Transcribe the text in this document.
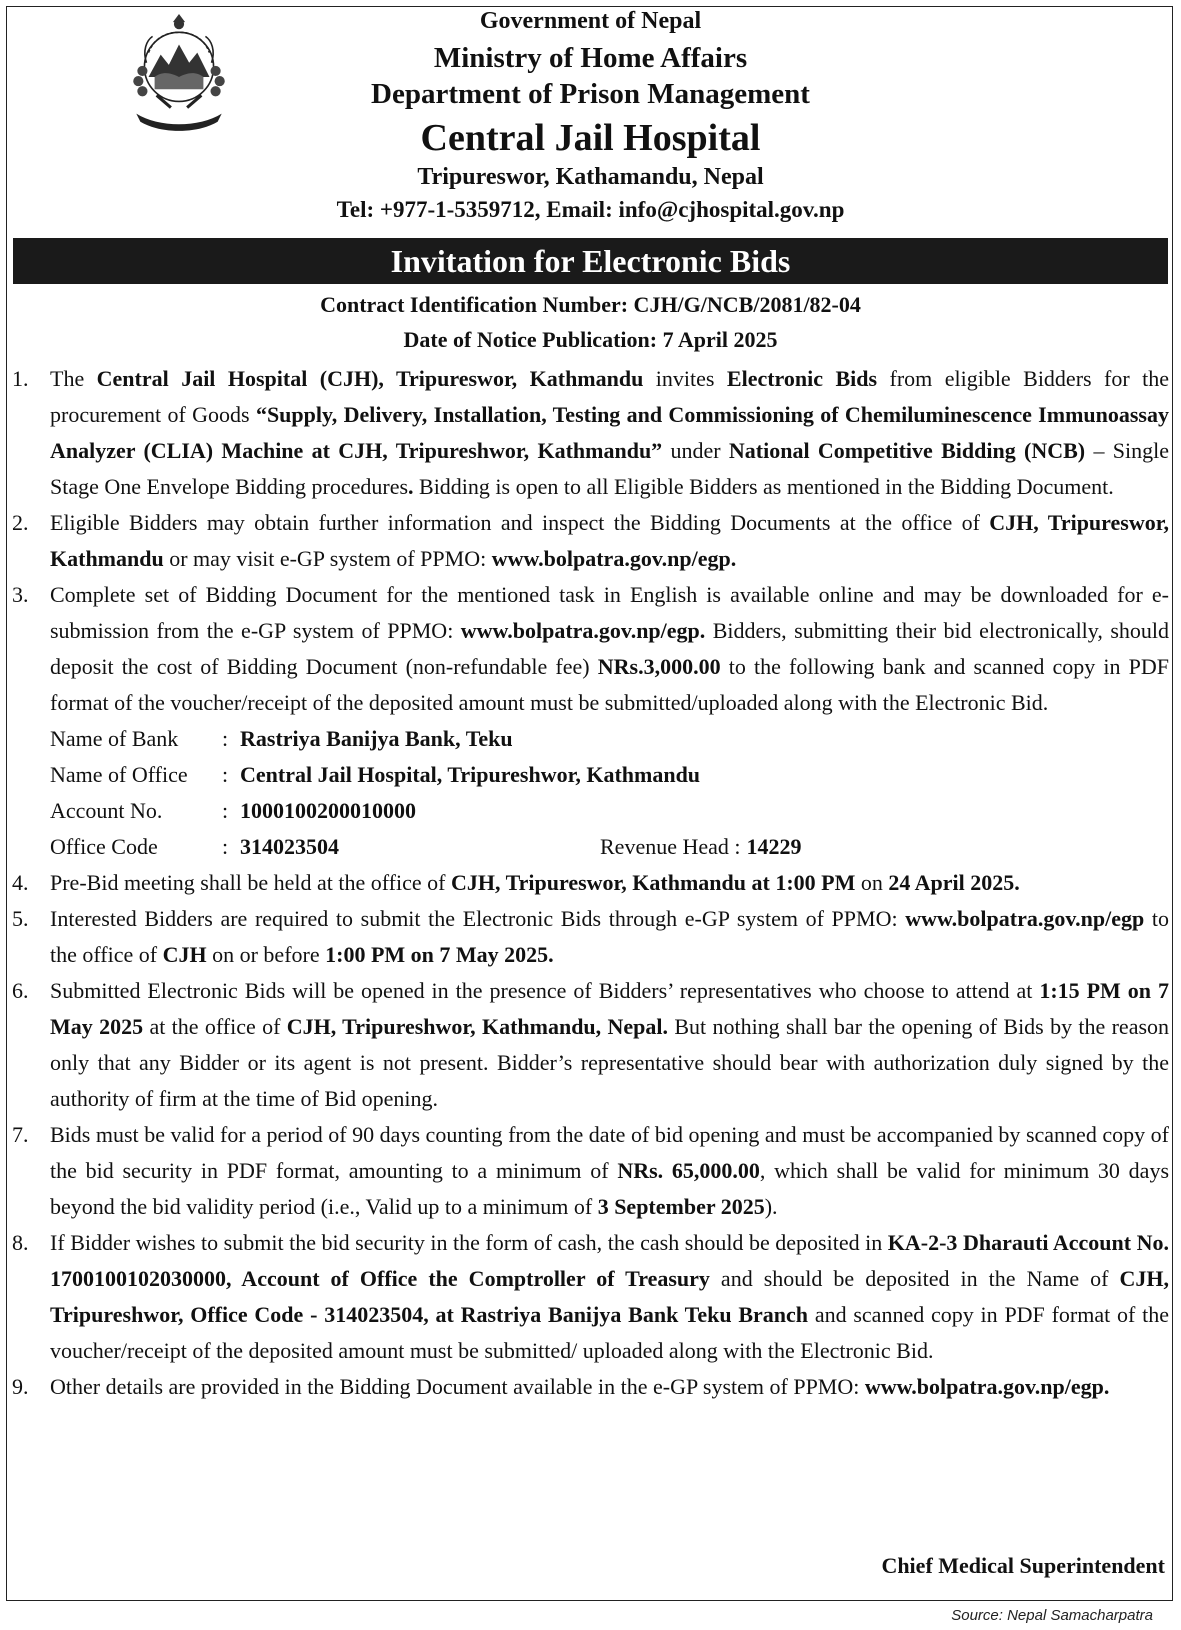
Government of Nepal
Ministry of Home Affairs
Department of Prison Management
Central Jail Hospital
Tripureswor, Kathamandu, Nepal
Tel: +977-1-5359712, Email: info@cjhospital.gov.np
Invitation for Electronic Bids
Contract Identification Number: CJH/G/NCB/2081/82-04
Date of Notice Publication: 7 April 2025
1. The Central Jail Hospital (CJH), Tripureswor, Kathmandu invites Electronic Bids from eligible Bidders for the procurement of Goods “Supply, Delivery, Installation, Testing and Commissioning of Chemiluminescence Immunoassay Analyzer (CLIA) Machine at CJH, Tripureshwor, Kathmandu” under National Competitive Bidding (NCB) – Single Stage One Envelope Bidding procedures. Bidding is open to all Eligible Bidders as mentioned in the Bidding Document.
2. Eligible Bidders may obtain further information and inspect the Bidding Documents at the office of CJH, Tripureswor, Kathmandu or may visit e-GP system of PPMO: www.bolpatra.gov.np/egp.
3. Complete set of Bidding Document for the mentioned task in English is available online and may be downloaded for e-submission from the e-GP system of PPMO: www.bolpatra.gov.np/egp. Bidders, submitting their bid electronically, should deposit the cost of Bidding Document (non-refundable fee) NRs.3,000.00 to the following bank and scanned copy in PDF format of the voucher/receipt of the deposited amount must be submitted/uploaded along with the Electronic Bid.
Name of Bank : Rastriya Banijya Bank, Teku
Name of Office : Central Jail Hospital, Tripureshwor, Kathmandu
Account No.	: 1000100200010000
Office Code	: 314023504	Revenue Head : 14229
4. Pre-Bid meeting shall be held at the office of CJH, Tripureswor, Kathmandu at 1:00 PM on 24 April 2025.
5. Interested Bidders are required to submit the Electronic Bids through e-GP system of PPMO: www.bolpatra.gov.np/egp to the office of CJH on or before 1:00 PM on 7 May 2025.
6. Submitted Electronic Bids will be opened in the presence of Bidders’ representatives who choose to attend at 1:15 PM on 7 May 2025 at the office of CJH, Tripureshwor, Kathmandu, Nepal. But nothing shall bar the opening of Bids by the reason only that any Bidder or its agent is not present. Bidder’s representative should bear with authorization duly signed by the authority of firm at the time of Bid opening.
7. Bids must be valid for a period of 90 days counting from the date of bid opening and must be accompanied by scanned copy of the bid security in PDF format, amounting to a minimum of NRs. 65,000.00, which shall be valid for minimum 30 days beyond the bid validity period (i.e., Valid up to a minimum of 3 September 2025).
8. If Bidder wishes to submit the bid security in the form of cash, the cash should be deposited in KA-2-3 Dharauti Account No. 1700100102030000, Account of Office the Comptroller of Treasury and should be deposited in the Name of CJH, Tripureshwor, Office Code - 314023504, at Rastriya Banijya Bank Teku Branch and scanned copy in PDF format of the voucher/receipt of the deposited amount must be submitted/ uploaded along with the Electronic Bid.
9. Other details are provided in the Bidding Document available in the e-GP system of PPMO: www.bolpatra.gov.np/egp.
Chief Medical Superintendent
Source: Nepal Samacharpatra
